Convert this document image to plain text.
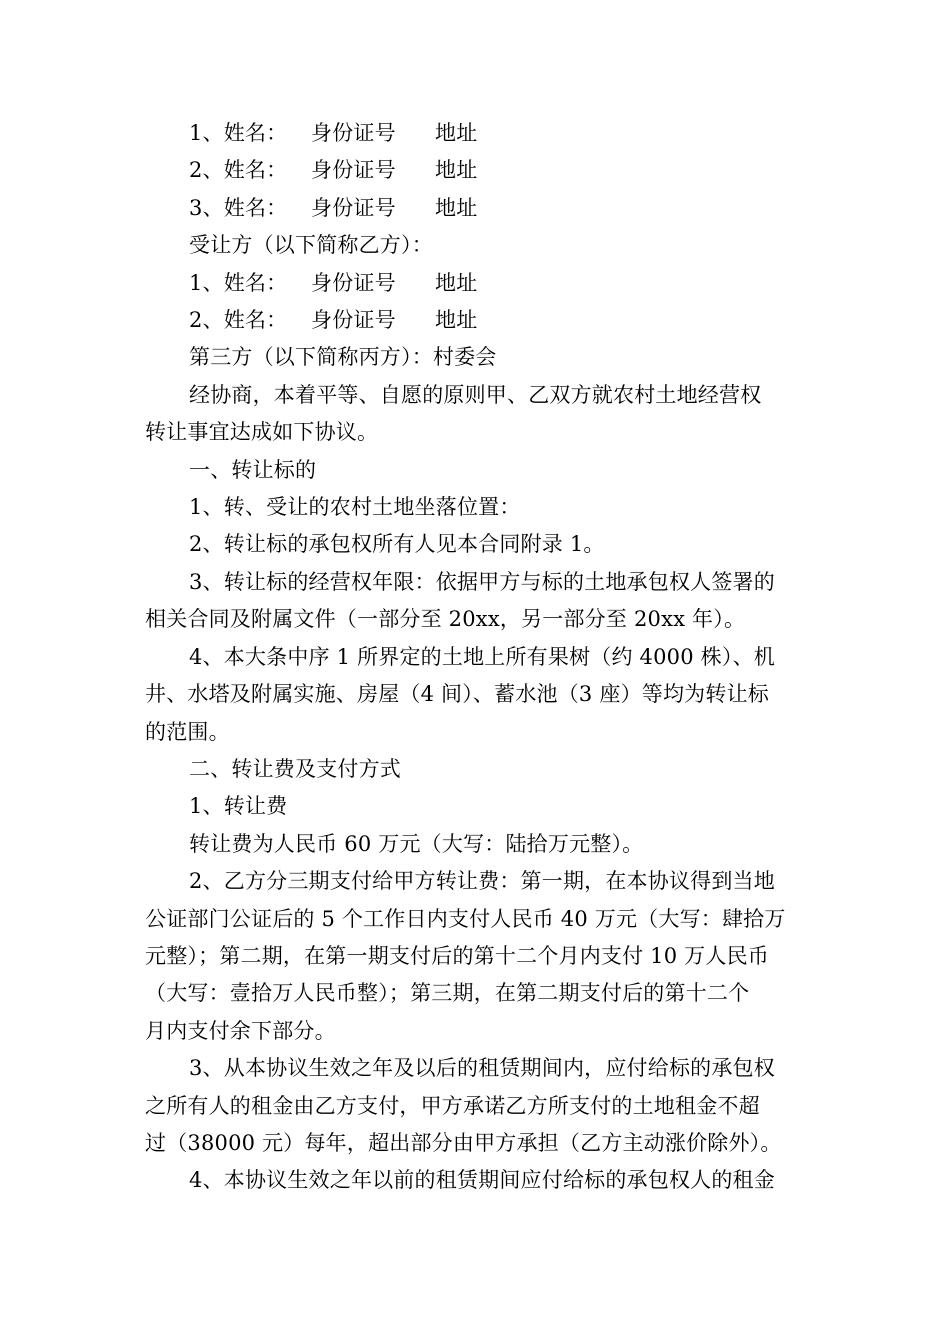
1、姓名：	身份证号	地址
2、姓名：	身份证号	地址
3、姓名：	身份证号	地址

受让方（以下简称乙方）：

1、姓名：	身份证号	地址
2、姓名：	身份证号	地址

第三方（以下简称丙方）：村委会

经协商，本着平等、自愿的原则甲、乙双方就农村土地经营权

转让事宜达成如下协议。

一、转让标的

1、转、受让的农村土地坐落位置：

2、转让标的承包权所有人见本合同附录 1。

3、转让标的经营权年限：依据甲方与标的土地承包权人签署的

相关合同及附属文件（一部分至 20xx，另一部分至 20xx 年）。

4、本大条中序 1 所界定的土地上所有果树（约 4000 株）、机

井、水塔及附属实施、房屋（4 间）、蓄水池（3 座）等均为转让标

的范围。

二、转让费及支付方式

1、转让费

转让费为人民币 60 万元（大写：陆拾万元整）。

2、乙方分三期支付给甲方转让费：第一期，在本协议得到当地

公证部门公证后的 5 个工作日内支付人民币 40 万元（大写：肆拾万

元整）；第二期，在第一期支付后的第十二个月内支付 10 万人民币

（大写：壹拾万人民币整）；第三期，在第二期支付后的第十二个

月内支付余下部分。

3、从本协议生效之年及以后的租赁期间内，应付给标的承包权

之所有人的租金由乙方支付，甲方承诺乙方所支付的土地租金不超

过（38000 元）每年，超出部分由甲方承担（乙方主动涨价除外）。

4、本协议生效之年以前的租赁期间应付给标的承包权人的租金
